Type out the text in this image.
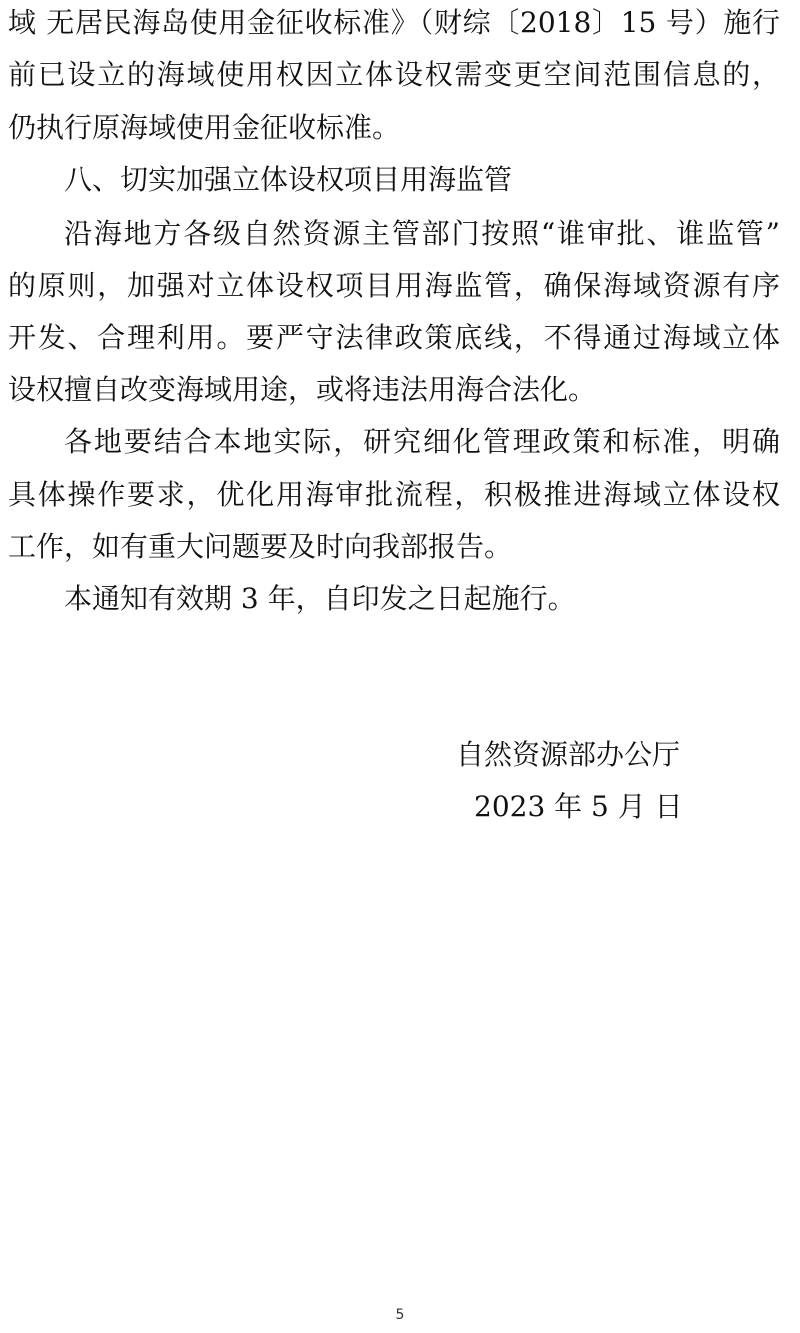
域 无居民海岛使用金征收标准》（财综〔2018〕15 号）施行
前已设立的海域使用权因立体设权需变更空间范围信息的，
仍执行原海域使用金征收标准。
八、切实加强立体设权项目用海监管
沿海地方各级自然资源主管部门按照“谁审批、谁监管”
的原则，加强对立体设权项目用海监管，确保海域资源有序
开发、合理利用。要严守法律政策底线，不得通过海域立体
设权擅自改变海域用途，或将违法用海合法化。
各地要结合本地实际，研究细化管理政策和标准，明确
具体操作要求，优化用海审批流程，积极推进海域立体设权
工作，如有重大问题要及时向我部报告。
本通知有效期 3 年，自印发之日起施行。
自然资源部办公厅
2023 年 5 月 日
5
